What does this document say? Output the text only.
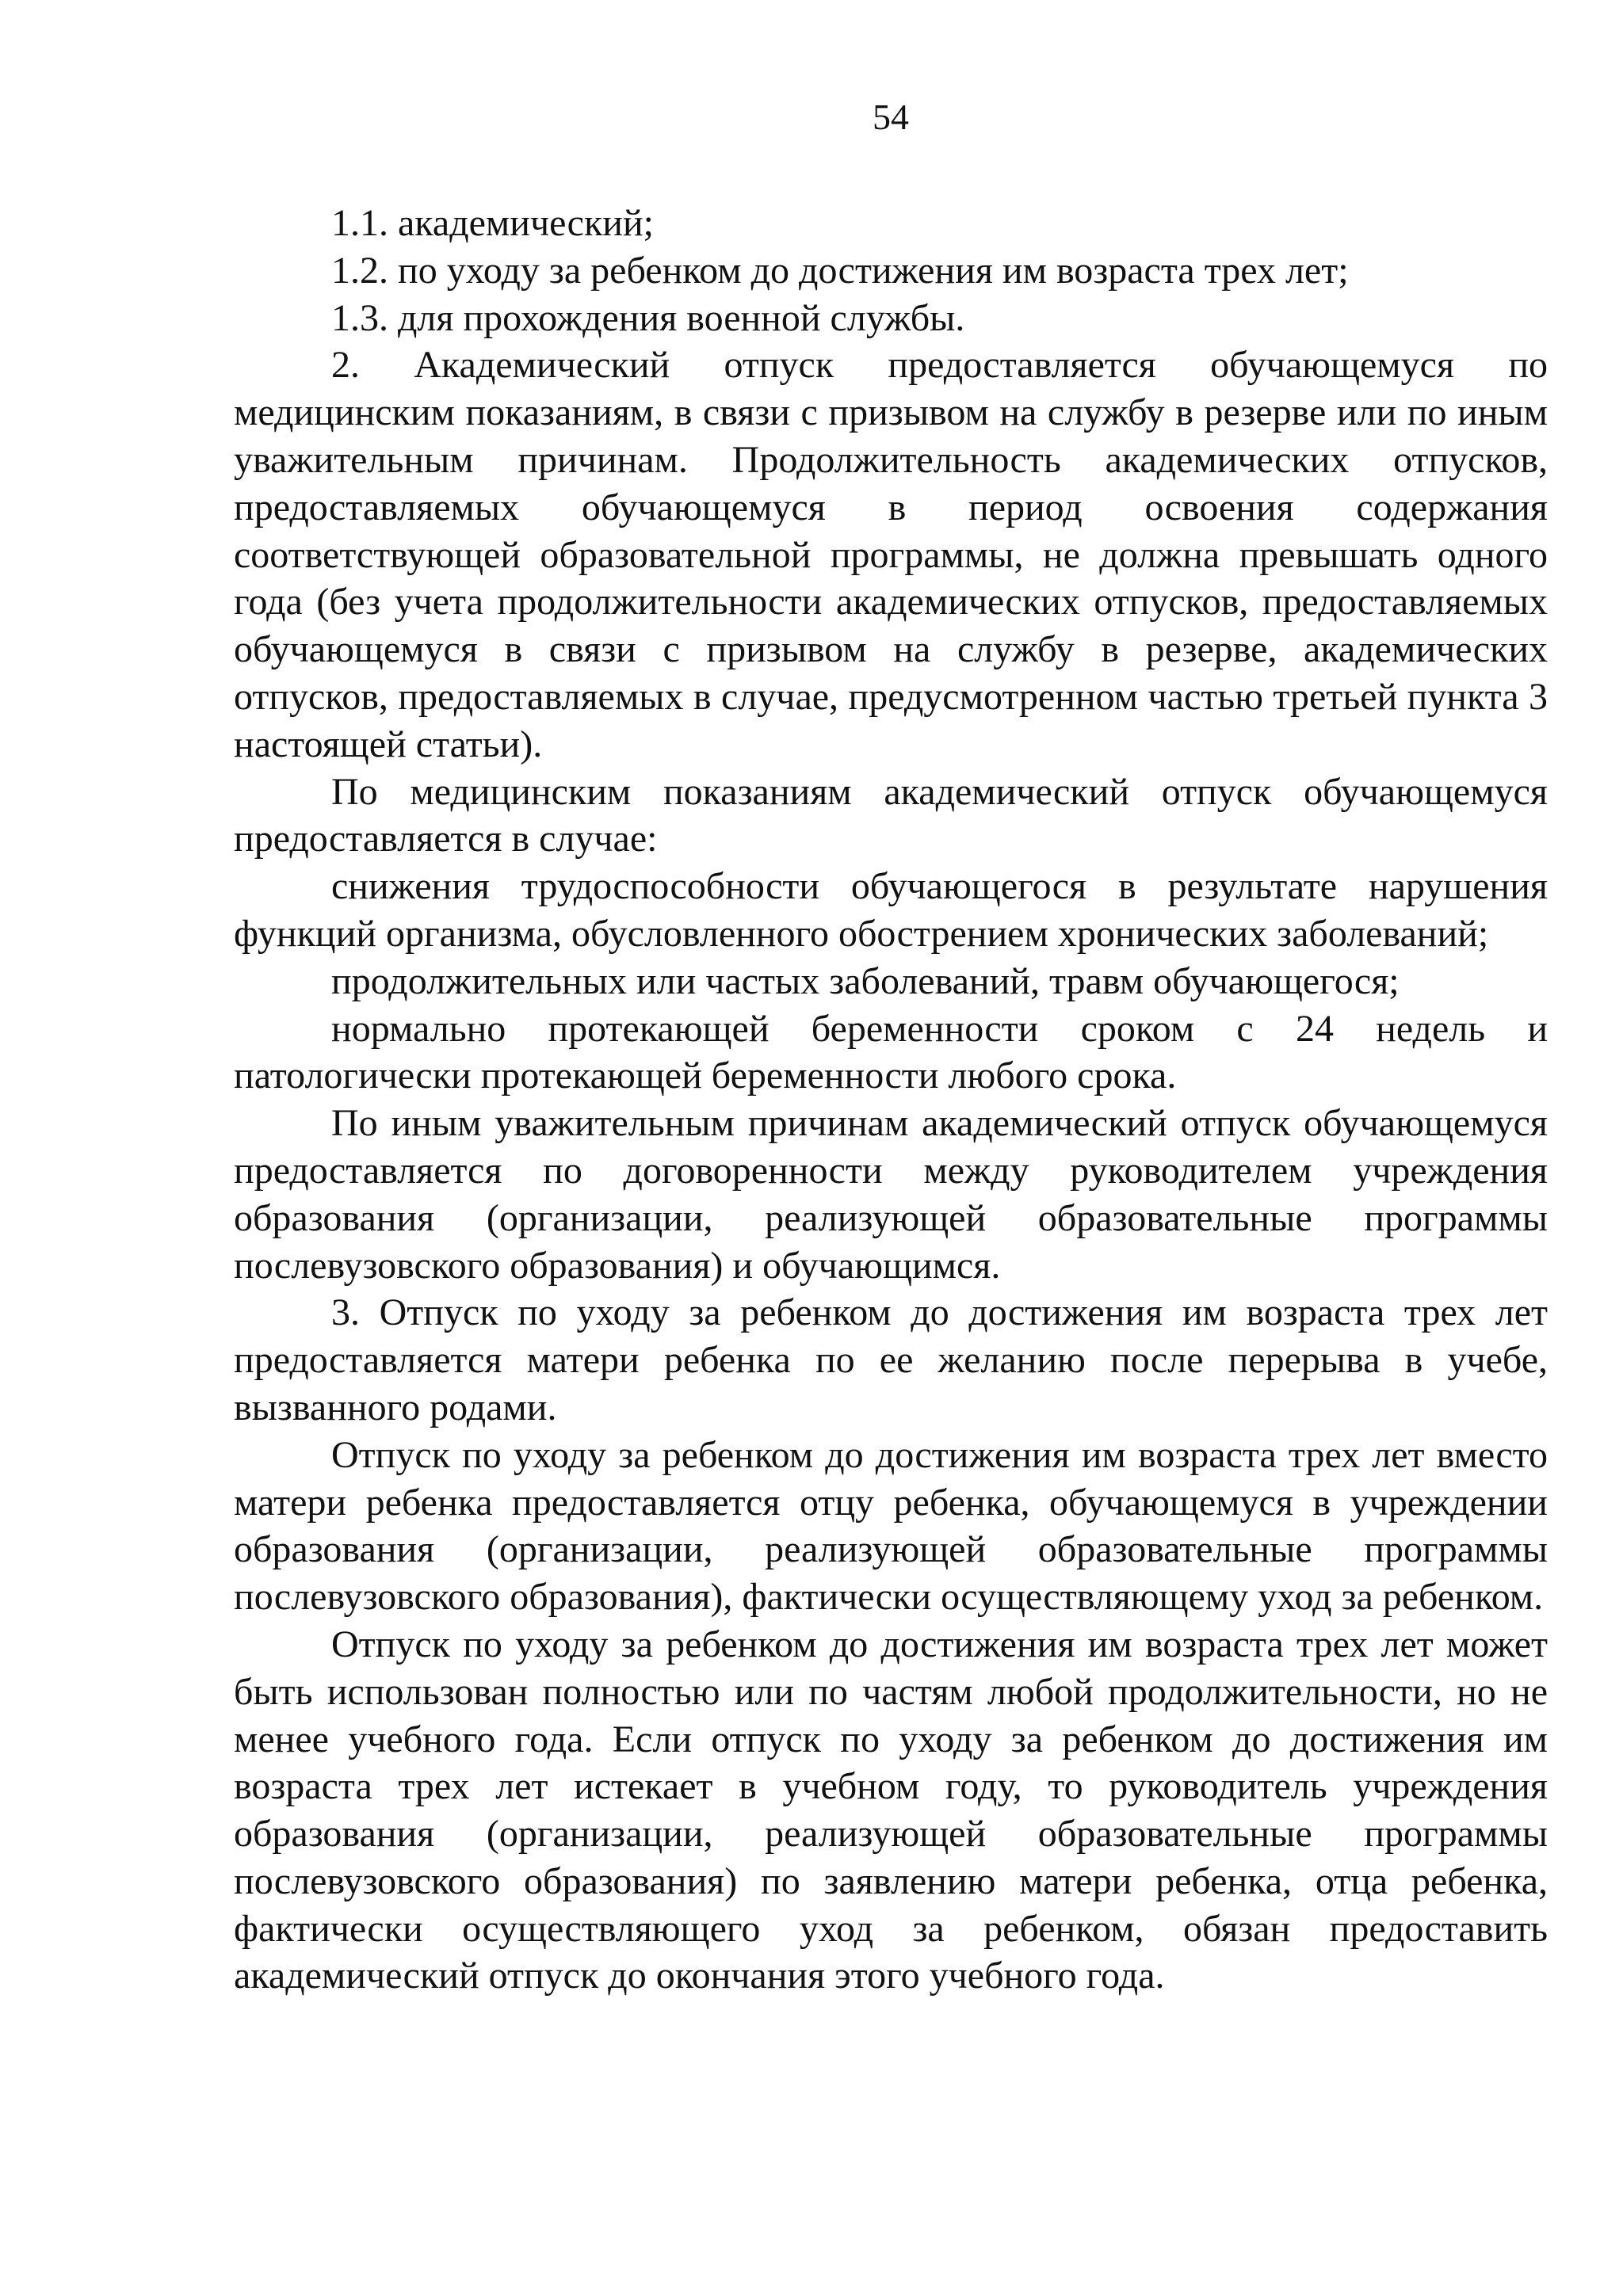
54

1.1. академический;

1.2. по уходу за ребенком до достижения им возраста трех лет;

1.3. для прохождения военной службы.

2. Академический отпуск предоставляется обучающемуся по медицинским показаниям, в связи с призывом на службу в резерве или по иным уважительным причинам. Продолжительность академических отпусков, предоставляемых обучающемуся в период освоения содержания соответствующей образовательной программы, не должна превышать одного года (без учета продолжительности академических отпусков, предоставляемых обучающемуся в связи с призывом на службу в резерве, академических отпусков, предоставляемых в случае, предусмотренном частью третьей пункта 3 настоящей статьи).

По медицинским показаниям академический отпуск обучающемуся предоставляется в случае:

снижения трудоспособности обучающегося в результате нарушения функций организма, обусловленного обострением хронических заболеваний;

продолжительных или частых заболеваний, травм обучающегося;

нормально протекающей беременности сроком с 24 недель и патологически протекающей беременности любого срока.

По иным уважительным причинам академический отпуск обучающемуся предоставляется по договоренности между руководителем учреждения образования (организации, реализующей образовательные программы послевузовского образования) и обучающимся.

3. Отпуск по уходу за ребенком до достижения им возраста трех лет предоставляется матери ребенка по ее желанию после перерыва в учебе, вызванного родами.

Отпуск по уходу за ребенком до достижения им возраста трех лет вместо матери ребенка предоставляется отцу ребенка, обучающемуся в учреждении образования (организации, реализующей образовательные программы послевузовского образования), фактически осуществляющему уход за ребенком.

Отпуск по уходу за ребенком до достижения им возраста трех лет может быть использован полностью или по частям любой продолжительности, но не менее учебного года. Если отпуск по уходу за ребенком до достижения им возраста трех лет истекает в учебном году, то руководитель учреждения образования (организации, реализующей образовательные программы послевузовского образования) по заявлению матери ребенка, отца ребенка, фактически осуществляющего уход за ребенком, обязан предоставить академический отпуск до окончания этого учебного года.
